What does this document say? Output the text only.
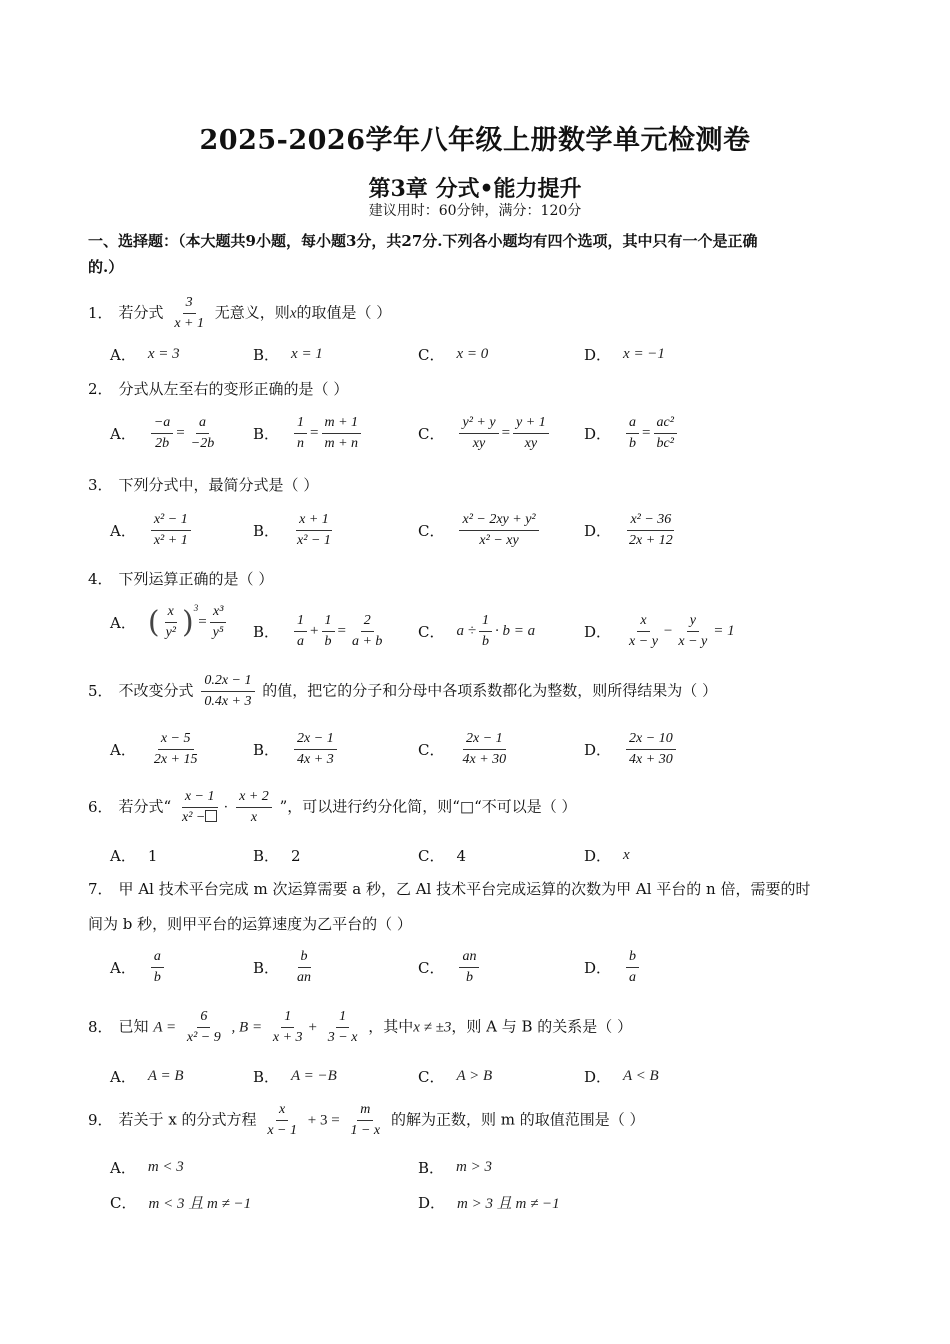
2025-2026学年八年级上册数学单元检测卷
第3章 分式•能力提升
建议用时：60分钟，满分：120分
一、选择题：（本大题共9小题，每小题3分，共27分.下列各小题均有四个选项，其中只有一个是正确
的.）
1． 若分式 $\frac{3}{x + 1}$ 无意义，则x的取值是（ ）
A． x = 3	B． x = 1	C． x = 0	D． x = −1
2． 分式从左至右的变形正确的是（ ）
A． $\frac{-a}{2b} = \frac{a}{-2b}$ B． $\frac{1}{n} = \frac{m + 1}{m + n}$	C． $\frac{\text{y² + y}}{xy} = \frac{y + 1}{xy}$ D． $\frac{a}{b} = \frac{\text{ac²}}{\text{bc²}}$
3． 下列分式中，最简分式是（ ）
A． $\frac{\text{x² − 1}}{\text{x² + 1}}$	B． $\frac{x + 1}{\text{x² − 1}}$	C． $\frac{\text{x² − 2xy + y²}}{\text{x² − xy}}$	D． $\frac{\text{x² − 36}}{2x + 12}$
4． 下列运算正确的是（ ）
A． ( $\frac{x}{\text{y²}} )^3$
= $\frac{\text{x³}}{\text{y⁵}}$ B． $\frac{1}{a} + \frac{1}{b} = \frac{2}{a + b}$ C． $a \div \frac{1}{b} \cdot b = a$	D． $\frac{x}{x - y} - \frac{y}{x - y} = 1$
5． 不改变分式 $\frac{0.2x - 1}{0.4x + 3}$ 的值，把它的分子和分母中各项系数都化为整数，则所得结果为（ ）
A． $\frac{x - 5}{2x + 15}$	B． $\frac{2x - 1}{4x + 3}$	C． $\frac{2x - 1}{4x + 30}$	D． $\frac{2x - 10}{4x + 30}$
6． 若分式“ $\frac{x - 1}{\text{x² −}} \cdot \frac{x + 2}{x}$ ”，可以进行约分化简，则“□“不可以是（ ）
A． 1	B． 2	C． 4	D． x
7． 甲 Al 技术平台完成 m 次运算需要 a 秒，乙 Al 技术平台完成运算的次数为甲 Al 平台的 n 倍，需要的时
间为 b 秒，则甲平台的运算速度为乙平台的（ ）
A． $\frac{a}{b}$	B． $\frac{b}{an}$	C． $\frac{an}{b}$	D． $\frac{b}{a}$
8． 已知 $A = \frac{6}{\text{x² − 9}}$ , $B = \frac{1}{x + 3} + \frac{1}{3 - x}$ ，其中x ≠ ±3，则 A 与 B 的关系是（ ）
A． A = B	B． A = −B	C． A > B	D． A < B
9． 若关于 x 的分式方程 $\frac{x}{x - 1} + 3 = \frac{m}{1 - x}$ 的解为正数，则 m 的取值范围是（ ）
A． m < 3	B． m > 3
C． m < 3 且 m ≠ −1	D． m > 3 且 m ≠ −1
